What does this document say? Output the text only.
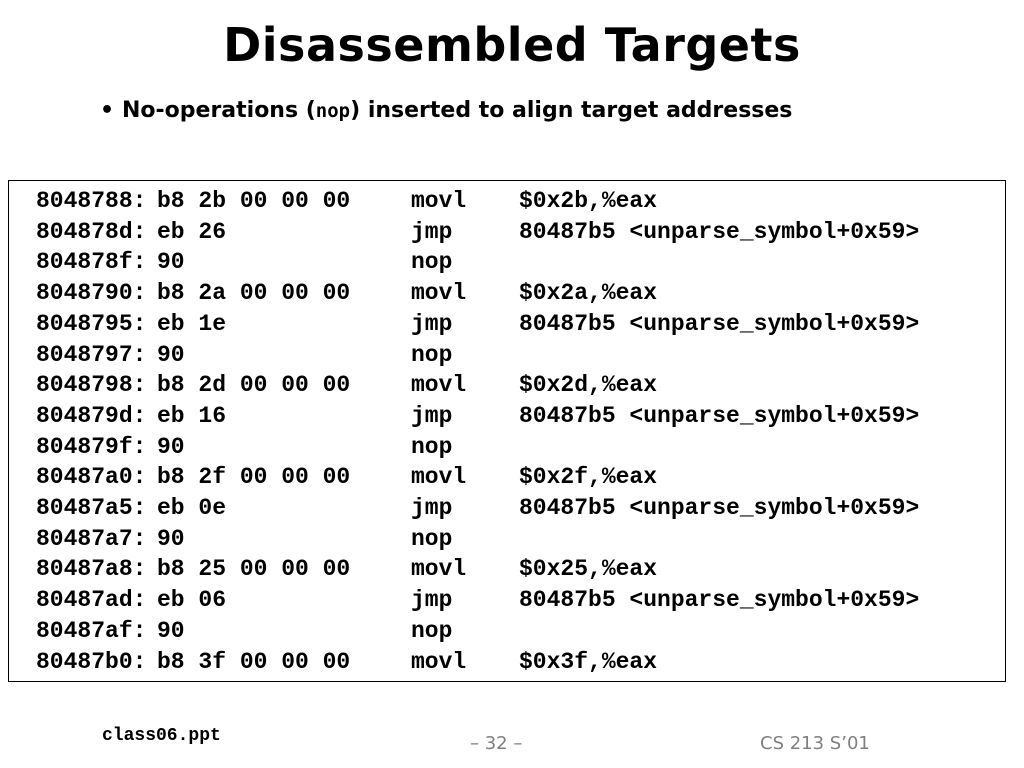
Disassembled Targets
• No-operations (nop) inserted to align target addresses
8048788: b8 2b 00 00 00	movl $0x2b,%eax
804878d: eb 26	jmp	80487b5 <unparse_symbol+0x59>
804878f: 90	nop
8048790: b8 2a 00 00 00	movl $0x2a,%eax
8048795: eb 1e	jmp	80487b5 <unparse_symbol+0x59>
8048797: 90	nop
8048798: b8 2d 00 00 00	movl $0x2d,%eax
804879d: eb 16	jmp	80487b5 <unparse_symbol+0x59>
804879f: 90	nop
80487a0: b8 2f 00 00 00	movl $0x2f,%eax
80487a5: eb 0e	jmp	80487b5 <unparse_symbol+0x59>
80487a7: 90	nop
80487a8: b8 25 00 00 00	movl $0x25,%eax
80487ad: eb 06	jmp	80487b5 <unparse_symbol+0x59>
80487af: 90	nop
80487b0: b8 3f 00 00 00	movl $0x3f,%eax
class06.ppt	– 32 –	CS 213 S’01
